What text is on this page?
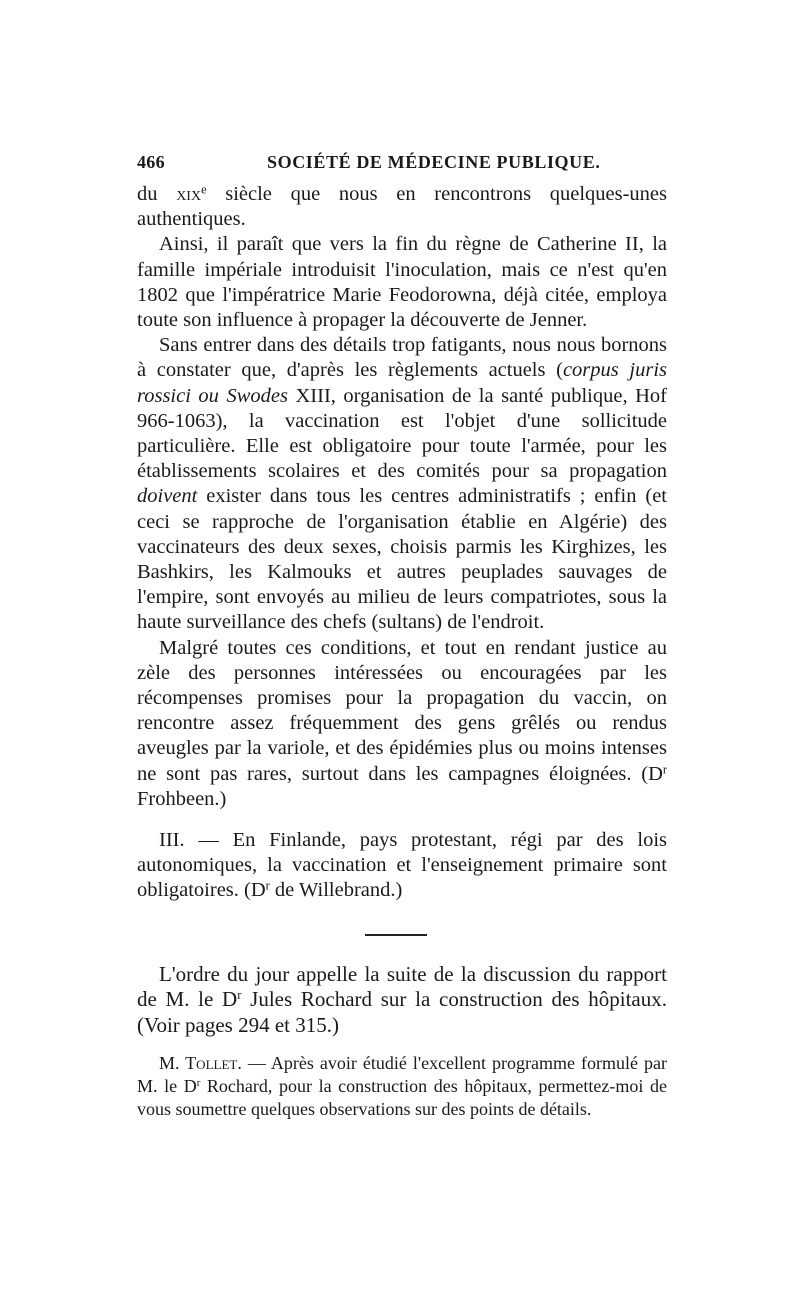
466	SOCIÉTÉ DE MÉDECINE PUBLIQUE.

du xix$^e$ siècle que nous en rencontrons quelques-unes authentiques.

Ainsi, il paraît que vers la fin du règne de Catherine II, la famille impériale introduisit l'inoculation, mais ce n'est qu'en 1802 que l'impératrice Marie Feodorowna, déjà citée, employa toute son influence à propager la découverte de Jenner.

Sans entrer dans des détails trop fatigants, nous nous bornons à constater que, d'après les règlements actuels (corpus juris rossici ou Swodes XIII, organisation de la santé publique, Hof 966-1063), la vaccination est l'objet d'une sollicitude particulière. Elle est obligatoire pour toute l'armée, pour les établissements scolaires et des comités pour sa propagation doivent exister dans tous les centres administratifs ; enfin (et ceci se rapproche de l'organisation établie en Algérie) des vaccinateurs des deux sexes, choisis parmis les Kirghizes, les Bashkirs, les Kalmouks et autres peuplades sauvages de l'empire, sont envoyés au milieu de leurs compatriotes, sous la haute surveillance des chefs (sultans) de l'endroit.

Malgré toutes ces conditions, et tout en rendant justice au zèle des personnes intéressées ou encouragées par les récompenses promises pour la propagation du vaccin, on rencontre assez fréquemment des gens grêlés ou rendus aveugles par la variole, et des épidémies plus ou moins intenses ne sont pas rares, surtout dans les campagnes éloignées. ($D^r$ Frohbeen.)

III. — En Finlande, pays protestant, régi par des lois autonomiques, la vaccination et l'enseignement primaire sont obligatoires. ($D^r$ de Willebrand.)

L'ordre du jour appelle la suite de la discussion du rapport de M. le $D^r$ Jules Rochard sur la construction des hôpitaux. (Voir pages 294 et 315.)

M. Tollet. — Après avoir étudié l'excellent programme formulé par M. le $D^r$ Rochard, pour la construction des hôpitaux, permettez-moi de vous soumettre quelques observations sur des points de détails.
